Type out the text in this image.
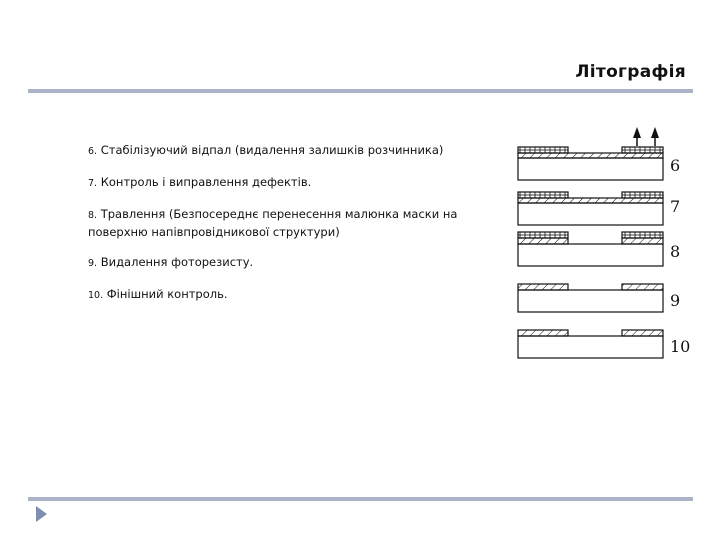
Літографія
6. Стабілізуючий відпал (видалення залишків розчинника)
7. Контроль і виправлення дефектів.
8. Травлення (Безпосереднє перенесення малюнка маски на поверхню напівпровідникової структури)
9. Видалення фоторезисту.
10. Фінішний контроль.
6
7
8
9
10
